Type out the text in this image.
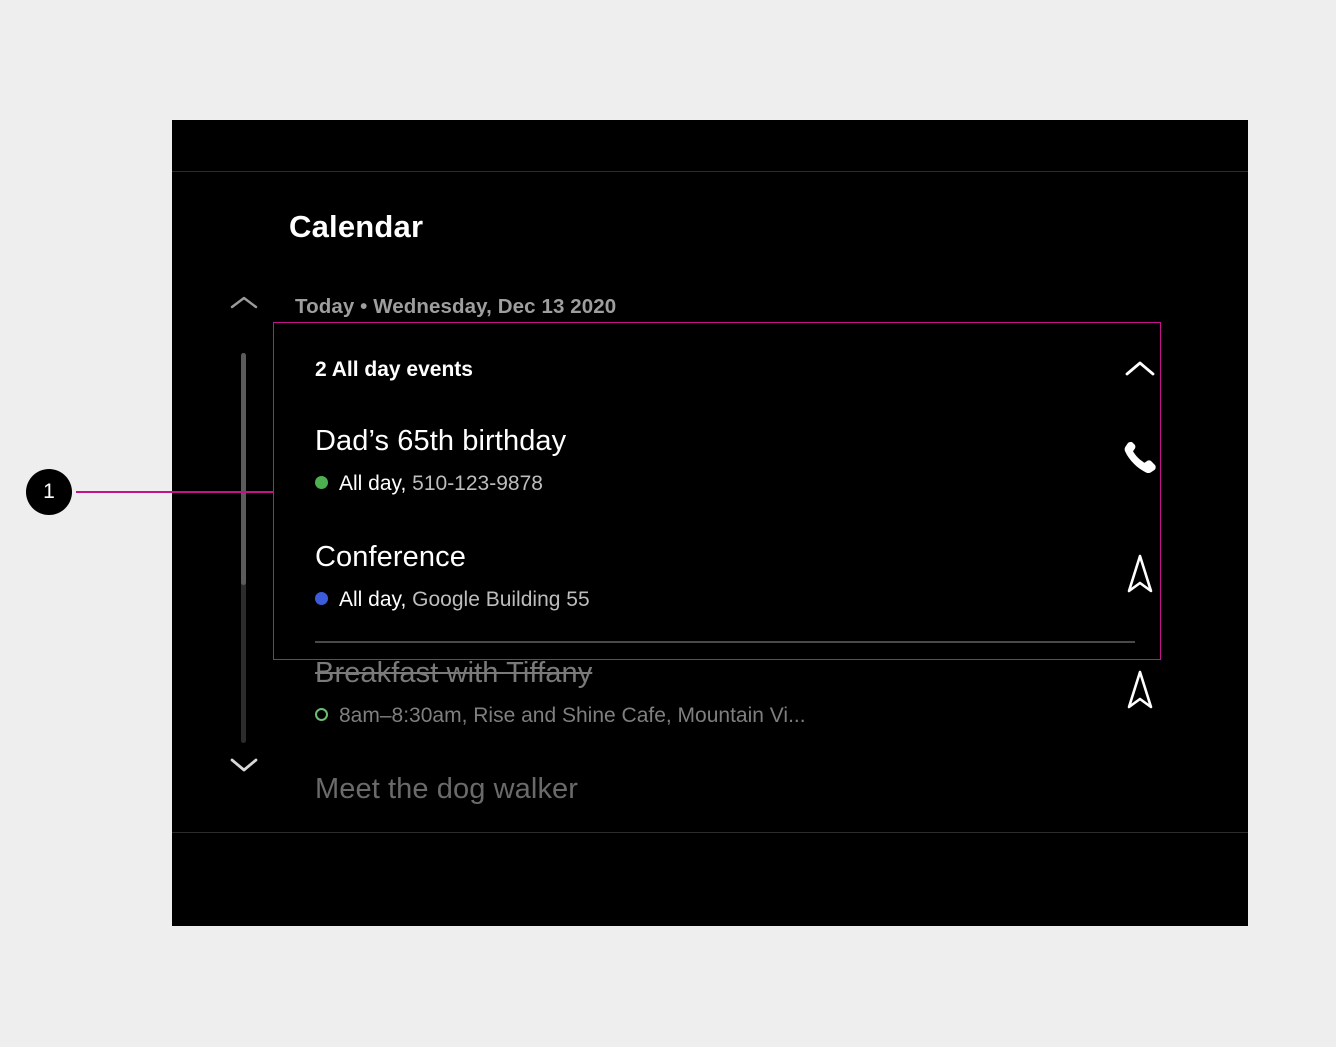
Calendar
Today • Wednesday, Dec 13 2020
2 All day events
Dad’s 65th birthday
All day, 510-123-9878
Conference
All day, Google Building 55
Breakfast with Tiffany
8am–8:30am, Rise and Shine Cafe, Mountain Vi...
Meet the dog walker
1
